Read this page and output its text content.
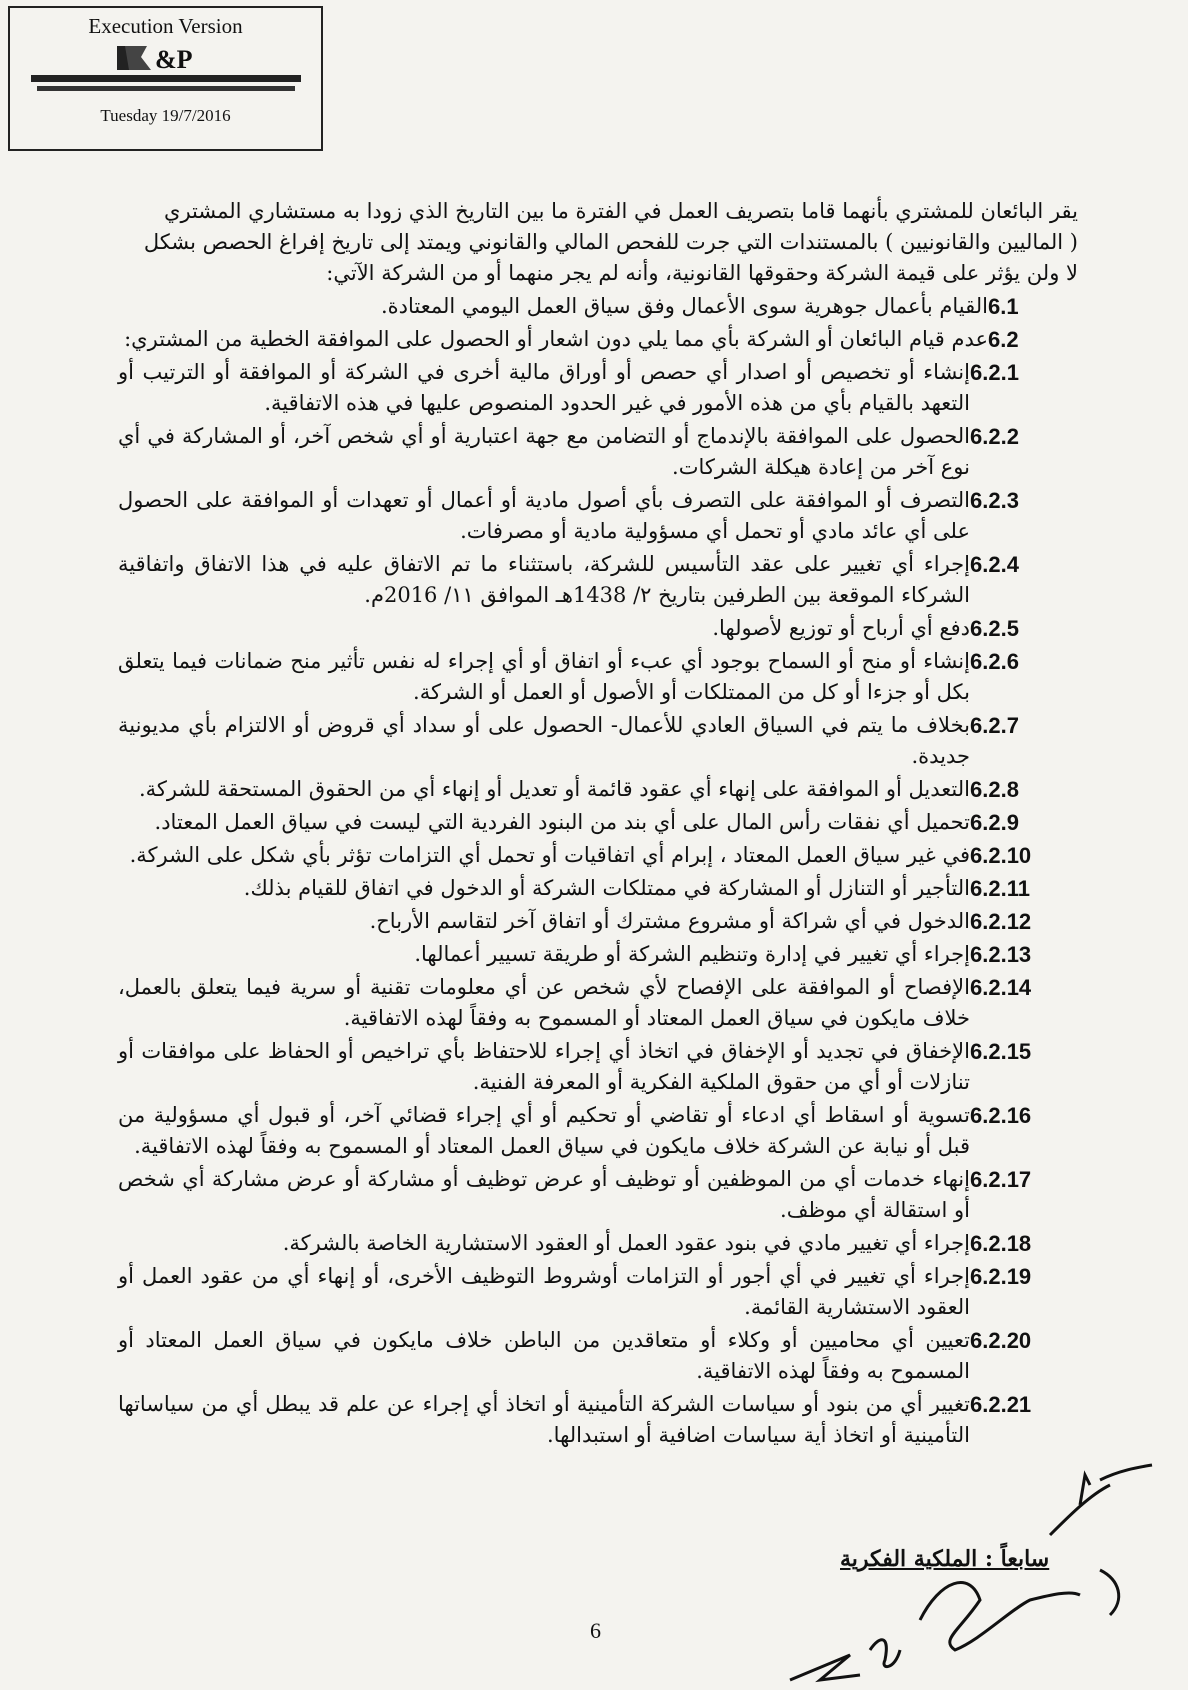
Execution Version
&P
Tuesday 19/7/2016

يقر البائعان للمشتري بأنهما قاما بتصريف العمل في الفترة ما بين التاريخ الذي زودا به مستشاري المشتري

( الماليين والقانونيين ) بالمستندات التي جرت للفحص المالي والقانوني ويمتد إلى تاريخ إفراغ الحصص بشكل

لا ولن يؤثر على قيمة الشركة وحقوقها القانونية، وأنه لم يجر منهما أو من الشركة الآتي:

6.1
القيام بأعمال جوهرية سوى الأعمال وفق سياق العمل اليومي المعتادة.
6.2
عدم قيام البائعان أو الشركة بأي مما يلي دون اشعار أو الحصول على الموافقة الخطية من المشتري:
6.2.1
إنشاء أو تخصيص أو اصدار أي حصص أو أوراق مالية أخرى في الشركة أو الموافقة أو الترتيب أو التعهد بالقيام بأي من هذه الأمور في غير الحدود المنصوص عليها في هذه الاتفاقية.
6.2.2
الحصول على الموافقة بالإندماج أو التضامن مع جهة اعتبارية أو أي شخص آخر، أو المشاركة في أي نوع آخر من إعادة هيكلة الشركات.
6.2.3
التصرف أو الموافقة على التصرف بأي أصول مادية أو أعمال أو تعهدات أو الموافقة على الحصول على أي عائد مادي أو تحمل أي مسؤولية مادية أو مصرفات.
6.2.4
إجراء أي تغيير على عقد التأسيس للشركة، باستثناء ما تم الاتفاق عليه في هذا الاتفاق واتفاقية الشركاء الموقعة بين الطرفين بتاريخ ٢/ 1438هـ الموافق ١١/ 2016م.
6.2.5
دفع أي أرباح أو توزيع لأصولها.
6.2.6
إنشاء أو منح أو السماح بوجود أي عبء أو اتفاق أو أي إجراء له نفس تأثير منح ضمانات فيما يتعلق بكل أو جزءا أو كل من الممتلكات أو الأصول أو العمل أو الشركة.
6.2.7
بخلاف ما يتم في السياق العادي للأعمال- الحصول على أو سداد أي قروض أو الالتزام بأي مديونية جديدة.
6.2.8
التعديل أو الموافقة على إنهاء أي عقود قائمة أو تعديل أو إنهاء أي من الحقوق المستحقة للشركة.
6.2.9
تحميل أي نفقات رأس المال على أي بند من البنود الفردية التي ليست في سياق العمل المعتاد.
6.2.10
في غير سياق العمل المعتاد ، إبرام أي اتفاقيات أو تحمل أي التزامات تؤثر بأي شكل على الشركة.
6.2.11
التأجير أو التنازل أو المشاركة في ممتلكات الشركة أو الدخول في اتفاق للقيام بذلك.
6.2.12
الدخول في أي شراكة أو مشروع مشترك أو اتفاق آخر لتقاسم الأرباح.
6.2.13
إجراء أي تغيير في إدارة وتنظيم الشركة أو طريقة تسيير أعمالها.
6.2.14
الإفصاح أو الموافقة على الإفصاح لأي شخص عن أي معلومات تقنية أو سرية فيما يتعلق بالعمل، خلاف مايكون في سياق العمل المعتاد أو المسموح به وفقاً لهذه الاتفاقية.
6.2.15
الإخفاق في تجديد أو الإخفاق في اتخاذ أي إجراء للاحتفاظ بأي تراخيص أو الحفاظ على موافقات أو تنازلات أو أي من حقوق الملكية الفكرية أو المعرفة الفنية.
6.2.16
تسوية أو اسقاط أي ادعاء أو تقاضي أو تحكيم أو أي إجراء قضائي آخر، أو قبول أي مسؤولية من قبل أو نيابة عن الشركة خلاف مايكون في سياق العمل المعتاد أو المسموح به وفقاً لهذه الاتفاقية.
6.2.17
إنهاء خدمات أي من الموظفين أو توظيف أو عرض توظيف أو مشاركة أو عرض مشاركة أي شخص أو استقالة أي موظف.
6.2.18
إجراء أي تغيير مادي في بنود عقود العمل أو العقود الاستشارية الخاصة بالشركة.
6.2.19
إجراء أي تغيير في أي أجور أو التزامات أوشروط التوظيف الأخرى، أو إنهاء أي من عقود العمل أو العقود الاستشارية القائمة.
6.2.20
تعيين أي محاميين أو وكلاء أو متعاقدين من الباطن خلاف مايكون في سياق العمل المعتاد أو المسموح به وفقاً لهذه الاتفاقية.
6.2.21
تغيير أي من بنود أو سياسات الشركة التأمينية أو اتخاذ أي إجراء عن علم قد يبطل أي من سياساتها التأمينية أو اتخاذ أية سياسات اضافية أو استبدالها.
سابعاً : الملكية الفكرية
6
